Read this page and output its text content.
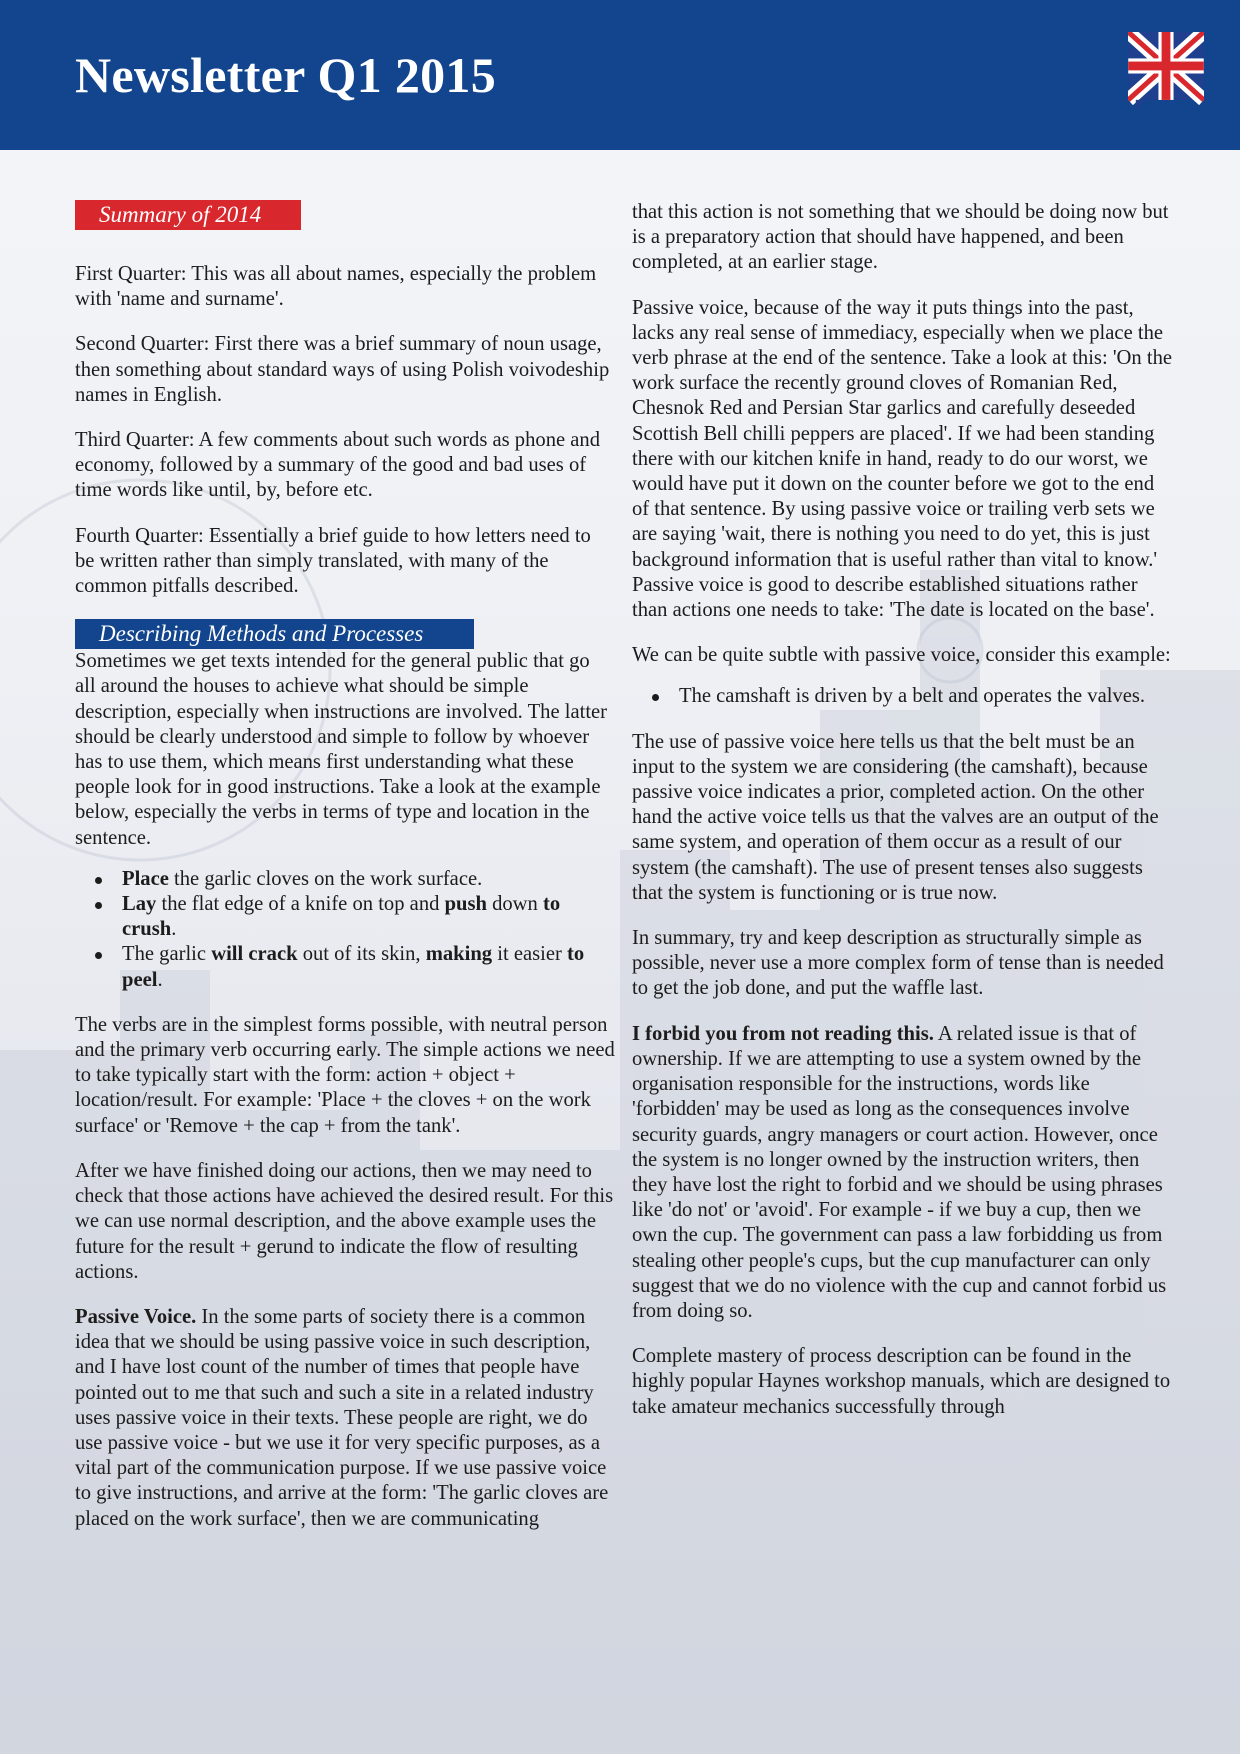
Newsletter Q1 2015
Summary of 2014

First Quarter: This was all about names, especially the problem with 'name and surname'.

Second Quarter: First there was a brief summary of noun usage, then something about standard ways of using Polish voivodeship names in English.

Third Quarter: A few comments about such words as phone and economy, followed by a summary of the good and bad uses of time words like until, by, before etc.

Fourth Quarter: Essentially a brief guide to how letters need to be written rather than simply translated, with many of the common pitfalls described.

Describing Methods and Processes

Sometimes we get texts intended for the general public that go all around the houses to achieve what should be simple description, especially when instructions are involved. The latter should be clearly understood and simple to follow by whoever has to use them, which means first understanding what these people look for in good instructions. Take a look at the example below, especially the verbs in terms of type and location in the sentence.

Place the garlic cloves on the work surface.
Lay the flat edge of a knife on top and push down to crush.
The garlic will crack out of its skin, making it easier to peel.

The verbs are in the simplest forms possible, with neutral person and the primary verb occurring early. The simple actions we need to take typically start with the form: action + object + location/result. For example: 'Place + the cloves + on the work surface' or 'Remove + the cap + from the tank'.

After we have finished doing our actions, then we may need to check that those actions have achieved the desired result. For this we can use normal description, and the above example uses the future for the result + gerund to indicate the flow of resulting actions.

Passive Voice. In the some parts of society there is a common idea that we should be using passive voice in such description, and I have lost count of the number of times that people have pointed out to me that such and such a site in a related industry uses passive voice in their texts. These people are right, we do use passive voice - but we use it for very specific purposes, as a vital part of the communication purpose. If we use passive voice to give instructions, and arrive at the form: 'The garlic cloves are placed on the work surface', then we are communicating

that this action is not something that we should be doing now but is a preparatory action that should have happened, and been completed, at an earlier stage.

Passive voice, because of the way it puts things into the past, lacks any real sense of immediacy, especially when we place the verb phrase at the end of the sentence. Take a look at this: 'On the work surface the recently ground cloves of Romanian Red, Chesnok Red and Persian Star garlics and carefully deseeded Scottish Bell chilli peppers are placed'. If we had been standing there with our kitchen knife in hand, ready to do our worst, we would have put it down on the counter before we got to the end of that sentence. By using passive voice or trailing verb sets we are saying 'wait, there is nothing you need to do yet, this is just background information that is useful rather than vital to know.' Passive voice is good to describe established situations rather than actions one needs to take: 'The date is located on the base'.

We can be quite subtle with passive voice, consider this example:

The camshaft is driven by a belt and operates the valves.

The use of passive voice here tells us that the belt must be an input to the system we are considering (the camshaft), because passive voice indicates a prior, completed action. On the other hand the active voice tells us that the valves are an output of the same system, and operation of them occur as a result of our system (the camshaft). The use of present tenses also suggests that the system is functioning or is true now.

In summary, try and keep description as structurally simple as possible, never use a more complex form of tense than is needed to get the job done, and put the waffle last.

I forbid you from not reading this. A related issue is that of ownership. If we are attempting to use a system owned by the organisation responsible for the instructions, words like 'forbidden' may be used as long as the consequences involve security guards, angry managers or court action. However, once the system is no longer owned by the instruction writers, then they have lost the right to forbid and we should be using phrases like 'do not' or 'avoid'. For example - if we buy a cup, then we own the cup. The government can pass a law forbidding us from stealing other people's cups, but the cup manufacturer can only suggest that we do no violence with the cup and cannot forbid us from doing so.

Complete mastery of process description can be found in the highly popular Haynes workshop manuals, which are designed to take amateur mechanics successfully through
